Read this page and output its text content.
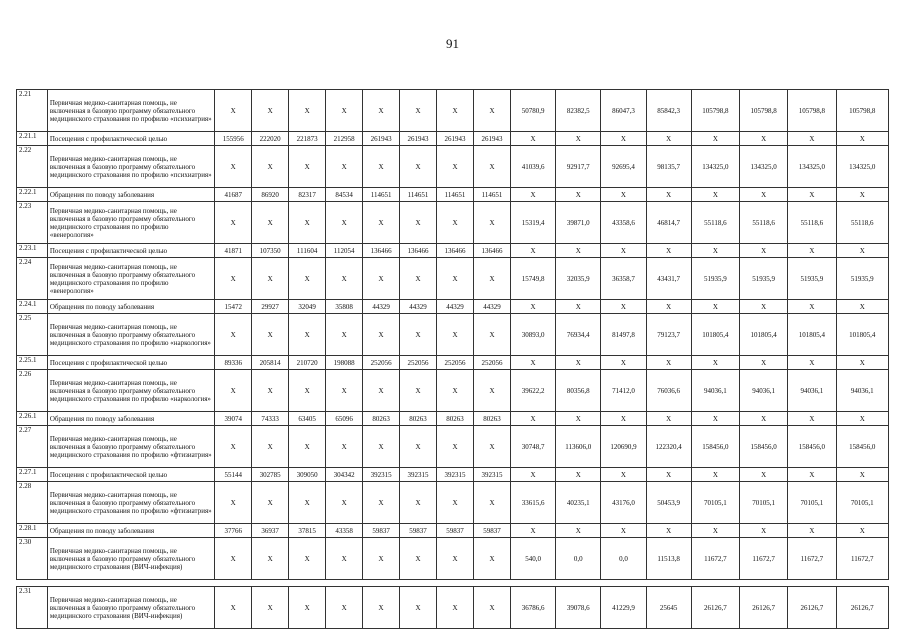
91
2.21	Первичная медико-санитарная помощь, не включенная в базовую программу обязательного медицинского страхования по профилю «психиатрия»	X	X	X	X	X	X	X	X	50780,9	82382,5	86047,3	85842,3	105798,8	105798,8	105798,8	105798,8
2.21.1	Посещения с профилактической целью	155956	222020	221873	212958	261943	261943	261943	261943	X	X	X	X	X	X	X	X
2.22	Первичная медико-санитарная помощь, не включенная в базовую программу обязательного медицинского страхования по профилю «психиатрия»	X	X	X	X	X	X	X	X	41039,6	92917,7	92695,4	98135,7	134325,0	134325,0	134325,0	134325,0
2.22.1	Обращения по поводу заболевания	41687	86920	82317	84534	114651	114651	114651	114651	X	X	X	X	X	X	X	X
2.23	Первичная медико-санитарная помощь, не включенная в базовую программу обязательного медицинского страхования по профилю «венерология»	X	X	X	X	X	X	X	X	15319,4	39871,0	43358,6	46814,7	55118,6	55118,6	55118,6	55118,6
2.23.1	Посещения с профилактической целью	41871	107350	111604	112054	136466	136466	136466	136466	X	X	X	X	X	X	X	X
2.24	Первичная медико-санитарная помощь, не включенная в базовую программу обязательного медицинского страхования по профилю «венерология»	X	X	X	X	X	X	X	X	15749,8	32035,9	36358,7	43431,7	51935,9	51935,9	51935,9	51935,9
2.24.1	Обращения по поводу заболевания	15472	29927	32049	35808	44329	44329	44329	44329	X	X	X	X	X	X	X	X
2.25	Первичная медико-санитарная помощь, не включенная в базовую программу обязательного медицинского страхования по профилю «наркология»	X	X	X	X	X	X	X	X	30893,0	76934,4	81497,8	79123,7	101805,4	101805,4	101805,4	101805,4
2.25.1	Посещения с профилактической целью	89336	205814	210720	198088	252056	252056	252056	252056	X	X	X	X	X	X	X	X
2.26	Первичная медико-санитарная помощь, не включенная в базовую программу обязательного медицинского страхования по профилю «наркология»	X	X	X	X	X	X	X	X	39622,2	80356,8	71412,0	76036,6	94036,1	94036,1	94036,1	94036,1
2.26.1	Обращения по поводу заболевания	39074	74333	63405	65096	80263	80263	80263	80263	X	X	X	X	X	X	X	X
2.27	Первичная медико-санитарная помощь, не включенная в базовую программу обязательного медицинского страхования по профилю «фтизиатрия»	X	X	X	X	X	X	X	X	30748,7	113606,0	120690,9	122320,4	158456,0	158456,0	158456,0	158456,0
2.27.1	Посещения с профилактической целью	55144	302785	309050	304342	392315	392315	392315	392315	X	X	X	X	X	X	X	X
2.28	Первичная медико-санитарная помощь, не включенная в базовую программу обязательного медицинского страхования по профилю «фтизиатрия»	X	X	X	X	X	X	X	X	33615,6	40235,1	43176,0	50453,9	70105,1	70105,1	70105,1	70105,1
2.28.1	Обращения по поводу заболевания	37766	36937	37815	43358	59837	59837	59837	59837	X	X	X	X	X	X	X	X
2.30	Первичная медико-санитарная помощь, не включенная в базовую программу обязательного медицинского страхования (ВИЧ-инфекция)	X	X	X	X	X	X	X	X	540,0	0,0	0,0	11513,8	11672,7	11672,7	11672,7	11672,7

2.31	Первичная медико-санитарная помощь, не включенная в базовую программу обязательного медицинского страхования (ВИЧ-инфекция)	X	X	X	X	X	X	X	X	36786,6	39078,6	41229,9	25645	26126,7	26126,7	26126,7	26126,7
